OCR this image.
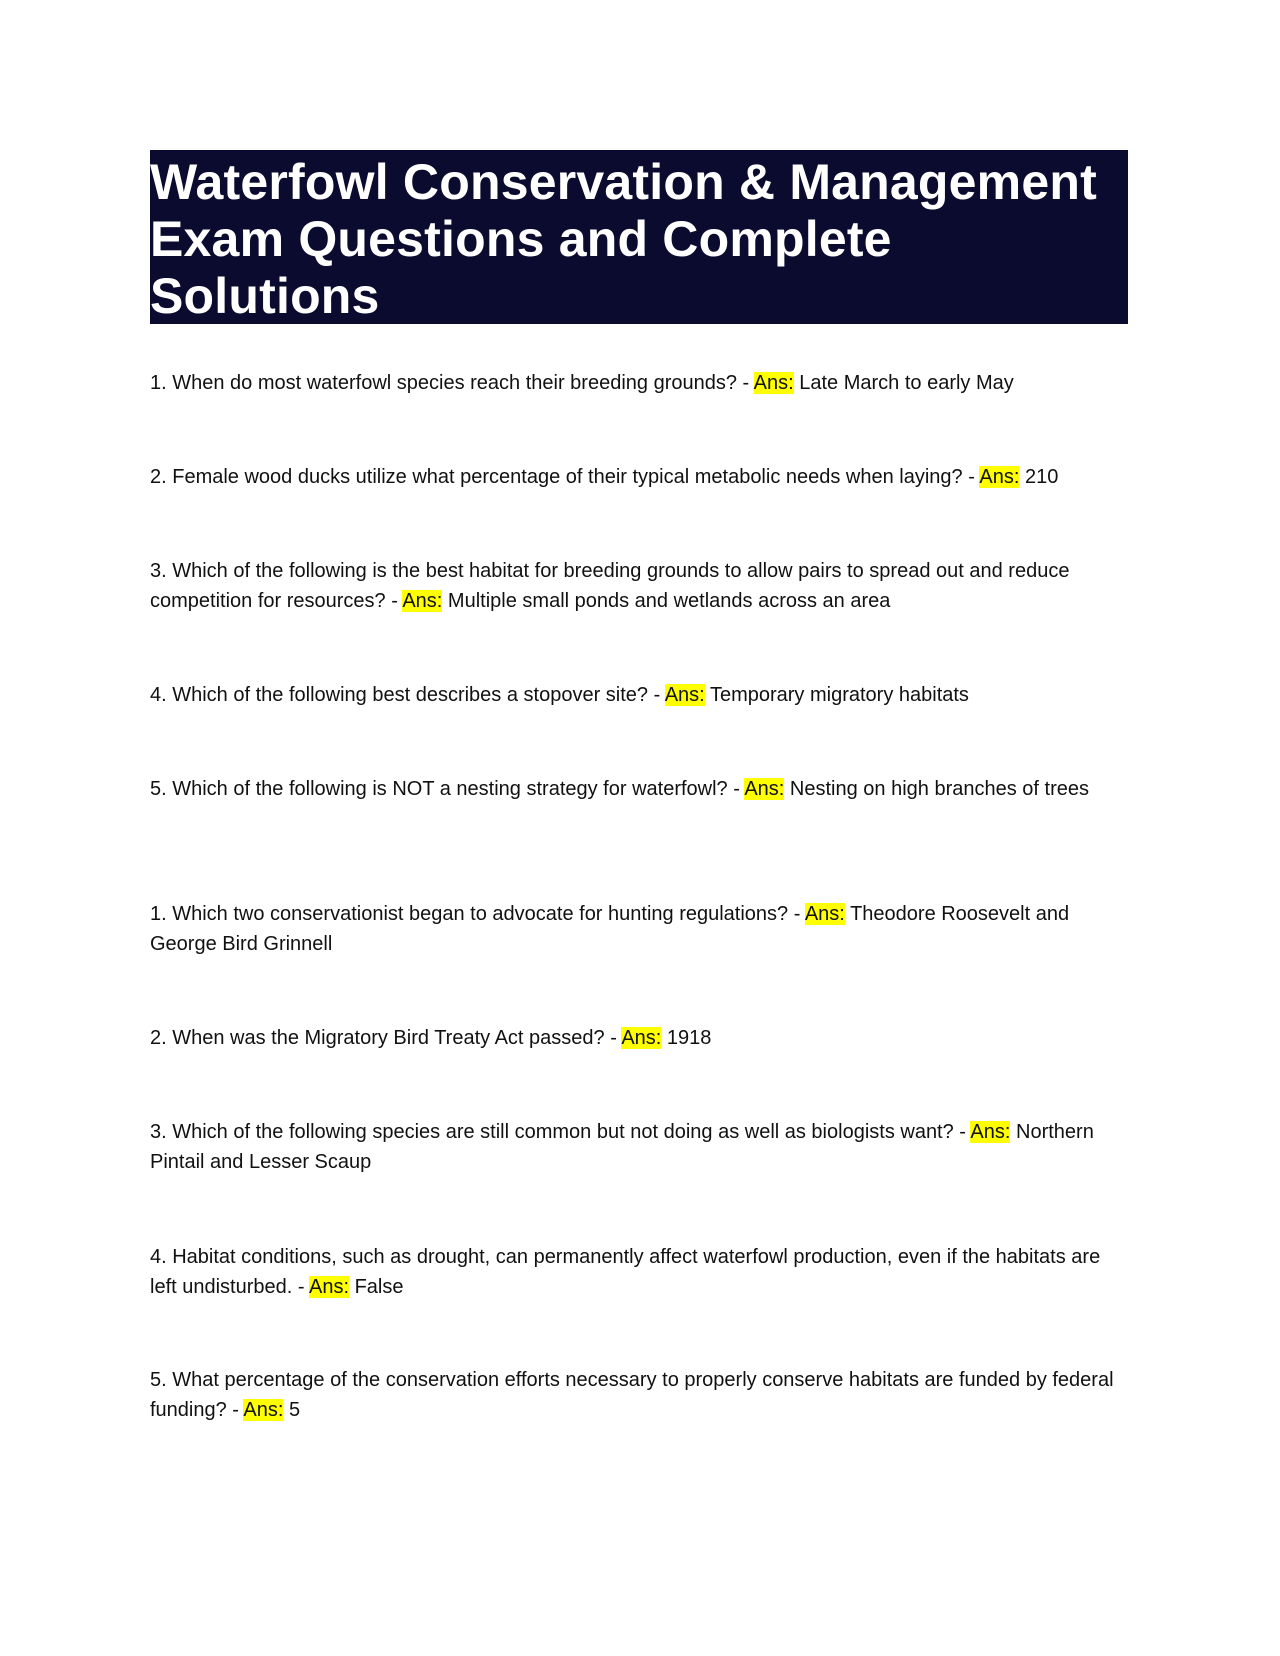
Waterfowl Conservation & Management Exam Questions and Complete Solutions

1. When do most waterfowl species reach their breeding grounds? - Ans: Late March to early May

2. Female wood ducks utilize what percentage of their typical metabolic needs when laying? - Ans: 210

3. Which of the following is the best habitat for breeding grounds to allow pairs to spread out and reduce competition for resources? - Ans: Multiple small ponds and wetlands across an area

4. Which of the following best describes a stopover site? - Ans: Temporary migratory habitats

5. Which of the following is NOT a nesting strategy for waterfowl? - Ans: Nesting on high branches of trees

1. Which two conservationist began to advocate for hunting regulations? - Ans: Theodore Roosevelt and George Bird Grinnell

2. When was the Migratory Bird Treaty Act passed? - Ans: 1918

3. Which of the following species are still common but not doing as well as biologists want? - Ans: Northern Pintail and Lesser Scaup

4. Habitat conditions, such as drought, can permanently affect waterfowl production, even if the habitats are left undisturbed. - Ans: False

5. What percentage of the conservation efforts necessary to properly conserve habitats are funded by federal funding? - Ans: 5
